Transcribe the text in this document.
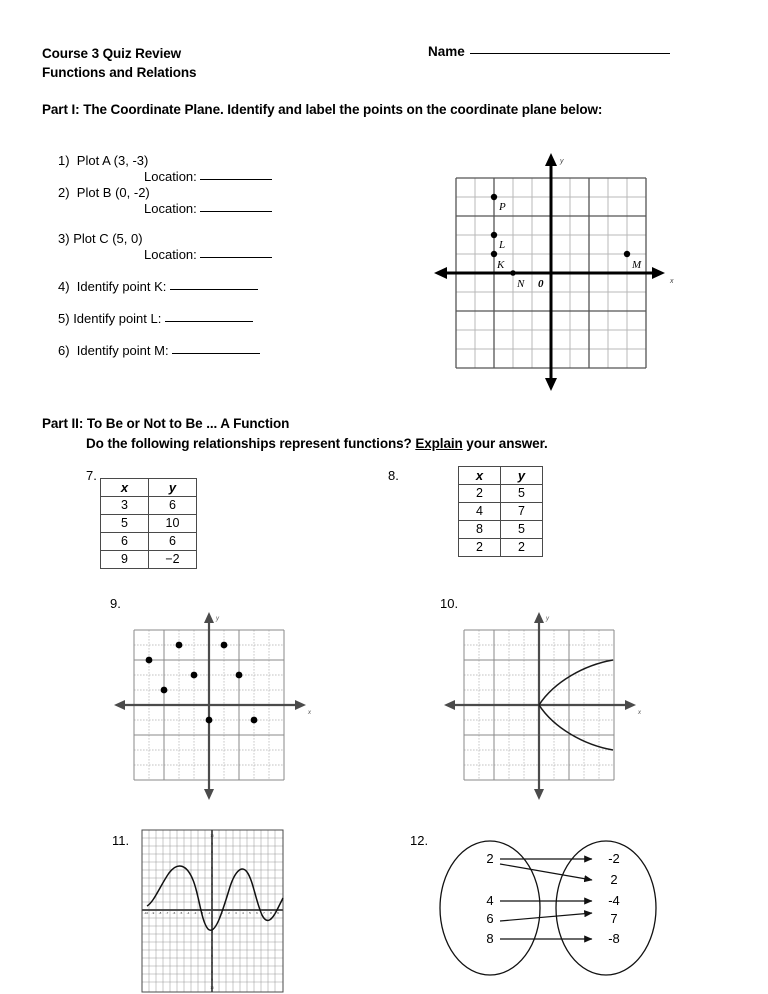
Course 3 Quiz Review
Functions and Relations
Name
Part I: The Coordinate Plane. Identify and label the points on the coordinate plane below:
1) Plot A (3, -3)
Location:
2) Plot B (0, -2)
Location:
3) Plot C (5, 0)
Location:
4) Identify point K:
5) Identify point L:
6) Identify point M:
x
y
P
L
K
N
M
0
Part II: To Be or Not to Be ... A Function
Do the following relationships represent functions? Explain your answer.
7.
x	y
3	6
5	10
6	6
9	−2
8.	x	y
2	5
4	7
8	5
2	2
9.
x
y
10.
x
y
11.	10
9
8
7
6
5
4
3
2
1
1
2
3
4
5
6
7
8
9
10
-10 -9 -8 -7 -6 -5 -4 -3 -2 -1	1 2 3 4 5 6 7 8 9
12.
2
4
6
8
-2
2
-4
7
-8
